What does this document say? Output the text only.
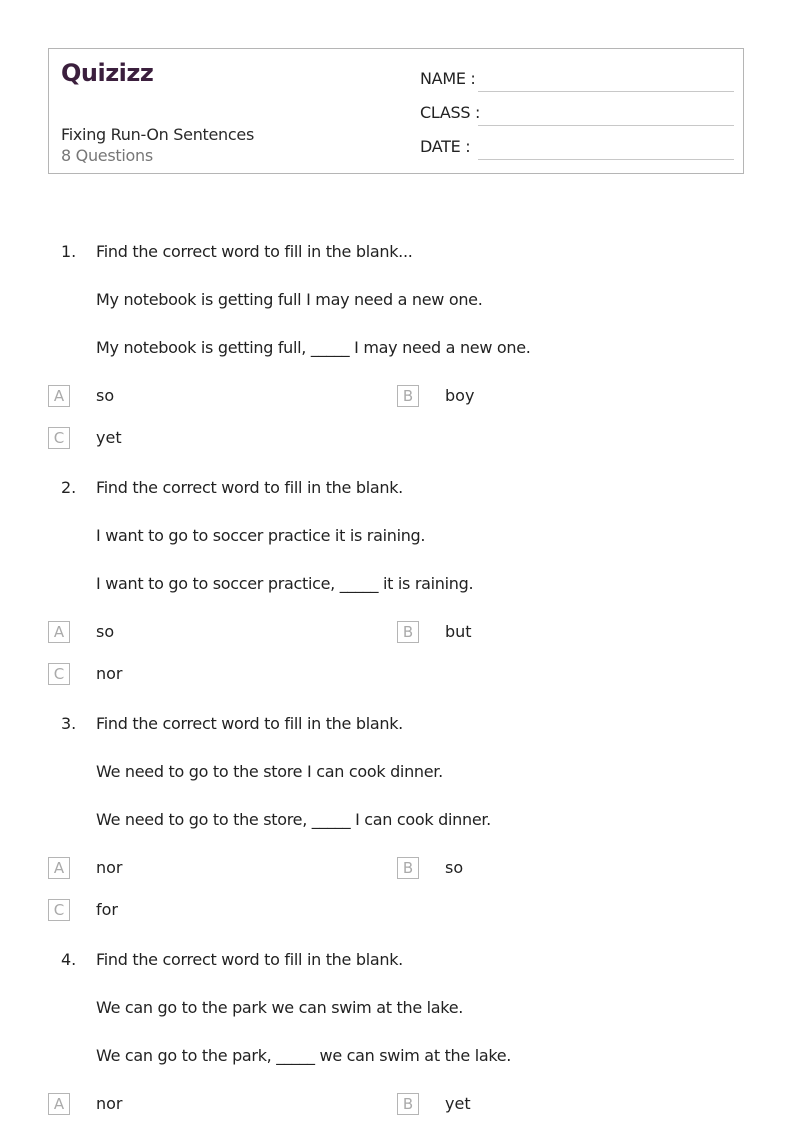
Quizizz
Fixing Run-On Sentences
8 Questions
NAME :
CLASS :
DATE :
1. Find the correct word to fill in the blank...
My notebook is getting full I may need a new one.
My notebook is getting full, _____ I may need a new one.
A	so	B	boy
C	yet
2. Find the correct word to fill in the blank.
I want to go to soccer practice it is raining.
I want to go to soccer practice, _____ it is raining.
A	so	B	but
C	nor
3. Find the correct word to fill in the blank.
We need to go to the store I can cook dinner.
We need to go to the store, _____ I can cook dinner.
A	nor	B	so
C	for
4. Find the correct word to fill in the blank.
We can go to the park we can swim at the lake.
We can go to the park, _____ we can swim at the lake.
A	nor	B	yet
